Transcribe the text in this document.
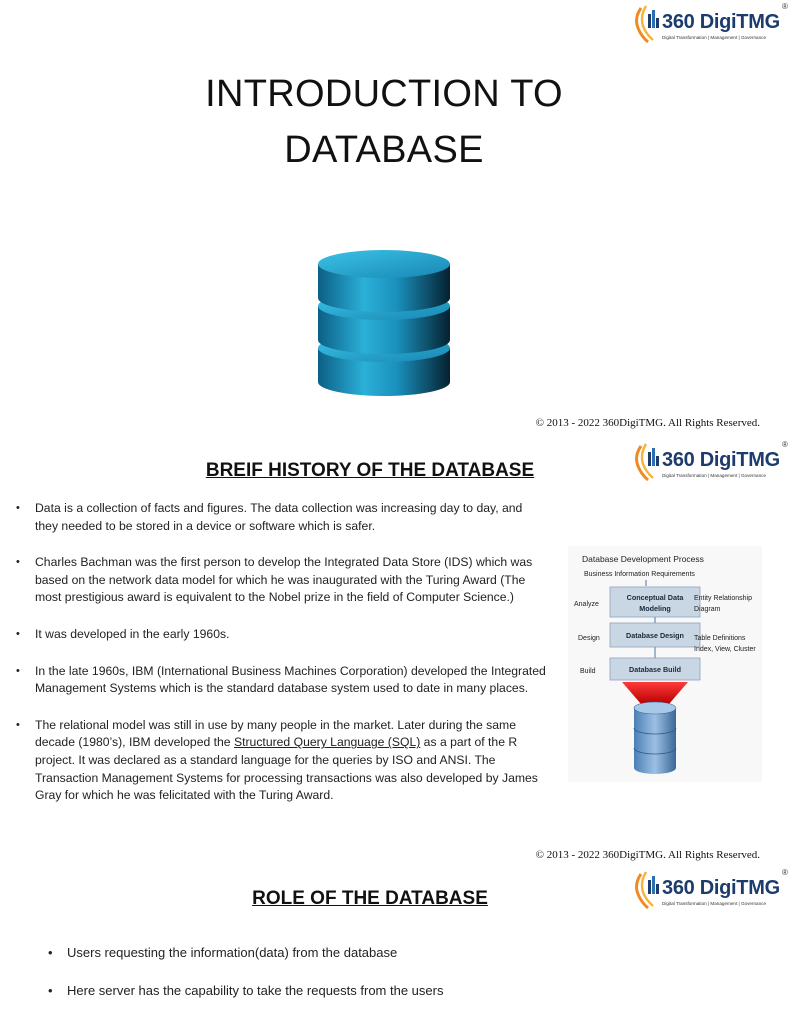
360 DigiTMG
Digital Transformation | Management | Governance
®
INTRODUCTION TO
DATABASE
© 2013 - 2022 360DigiTMG. All Rights Reserved.
360 DigiTMG
Digital Transformation | Management | Governance
®
BREIF HISTORY OF THE DATABASE
• Data is a collection of facts and figures. The data collection was increasing day to day, and they needed to be stored in a device or software which is safer.
• Charles Bachman was the first person to develop the Integrated Data Store (IDS) which was based on the network data model for which he was inaugurated with the Turing Award (The most prestigious award is equivalent to the Nobel prize in the field of Computer Science.)
• It was developed in the early 1960s.
• In the late 1960s, IBM (International Business Machines Corporation) developed the Integrated Management Systems which is the standard database system used to date in many places.
• The relational model was still in use by many people in the market. Later during the same decade (1980’s), IBM developed the Structured Query Language (SQL) as a part of the R project. It was declared as a standard language for the queries by ISO and ANSI. The Transaction Management Systems for processing transactions was also developed by James Gray for which he was felicitated with the Turing Award.
Database Development Process
Business Information Requirements
Conceptual Data
Modeling
Analyze
Entity Relationship
Diagram
Database Design
Design	Table Definitions
Index, View, Cluster
Database Build
Build
© 2013 - 2022 360DigiTMG. All Rights Reserved.
360 DigiTMG
Digital Transformation | Management | Governance
®
ROLE OF THE DATABASE
• Users requesting the information(data) from the database
• Here server has the capability to take the requests from the users
